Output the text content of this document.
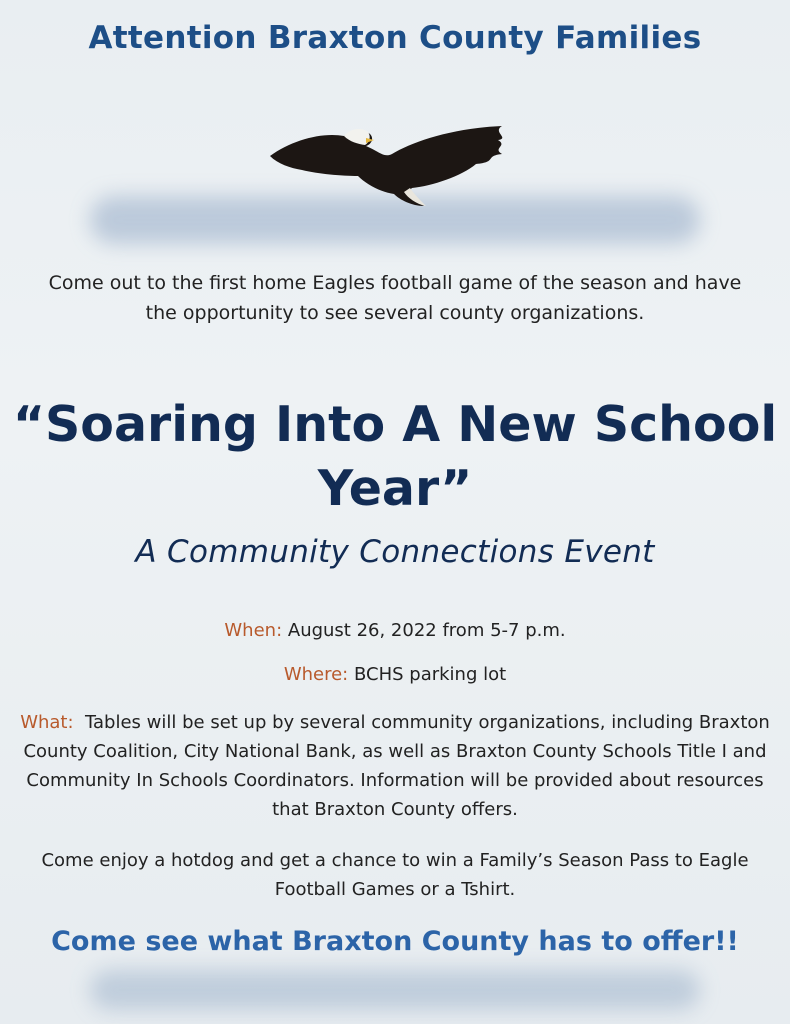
Attention Braxton County Families
Come out to the first home Eagles football game of the season and have the opportunity to see several county organizations.
“Soaring Into A New School Year”
A Community Connections Event
When: August 26, 2022 from 5-7 p.m.
Where: BCHS parking lot
What: Tables will be set up by several community organizations, including Braxton County Coalition, City National Bank, as well as Braxton County Schools Title I and Community In Schools Coordinators. Information will be provided about resources that Braxton County offers.
Come enjoy a hotdog and get a chance to win a Family’s Season Pass to Eagle Football Games or a Tshirt.
Come see what Braxton County has to offer!!
